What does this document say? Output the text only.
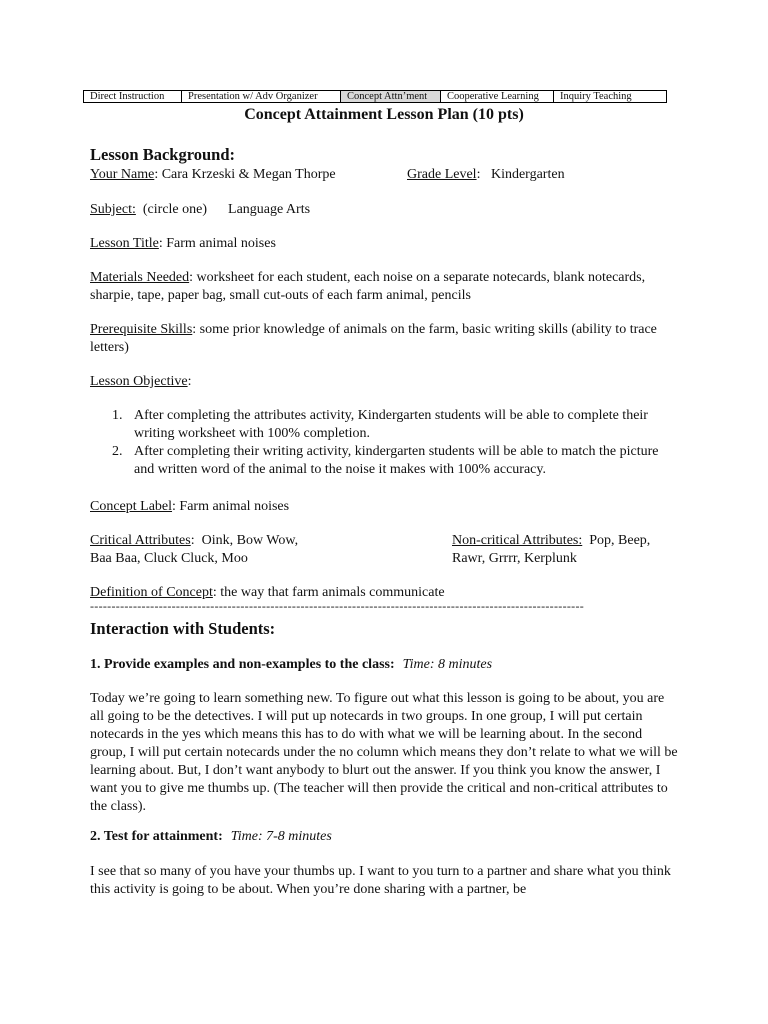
Direct Instruction	Presentation w/ Adv Organizer	Concept Attn’ment	Cooperative Learning	Inquiry Teaching
Concept Attainment Lesson Plan (10 pts)
Lesson Background:
Your Name: Cara Krzeski & Megan Thorpe	Grade Level:   Kindergarten
Subject:  (circle one)      Language Arts
Lesson Title: Farm animal noises
Materials Needed: worksheet for each student, each noise on a separate notecards, blank notecards, sharpie, tape, paper bag, small cut-outs of each farm animal, pencils
Prerequisite Skills: some prior knowledge of animals on the farm, basic writing skills (ability to trace letters)
Lesson Objective:
1. After completing the attributes activity, Kindergarten students will be able to complete their writing worksheet with 100% completion.
2. After completing their writing activity, kindergarten students will be able to match the picture and written word of the animal to the noise it makes with 100% accuracy.
Concept Label: Farm animal noises
Critical Attributes:  Oink, Bow Wow,
Baa Baa, Cluck Cluck, Moo
Non-critical Attributes:  Pop, Beep,
Rawr, Grrrr, Kerplunk
Definition of Concept: the way that farm animals communicate
-------------------------------------------------------------------------------------------------------------------
Interaction with Students:
1. Provide examples and non-examples to the class: Time: 8 minutes
Today we’re going to learn something new. To figure out what this lesson is going to be about, you are all going to be the detectives. I will put up notecards in two groups. In one group, I will put certain notecards in the yes which means this has to do with what we will be learning about. In the second group, I will put certain notecards under the no column which means they don’t relate to what we will be learning about. But, I don’t want anybody to blurt out the answer. If you think you know the answer, I want you to give me thumbs up. (The teacher will then provide the critical and non-critical attributes to the class).
2. Test for attainment: Time: 7-8 minutes
I see that so many of you have your thumbs up. I want to you turn to a partner and share what you think this activity is going to be about. When you’re done sharing with a partner, be
